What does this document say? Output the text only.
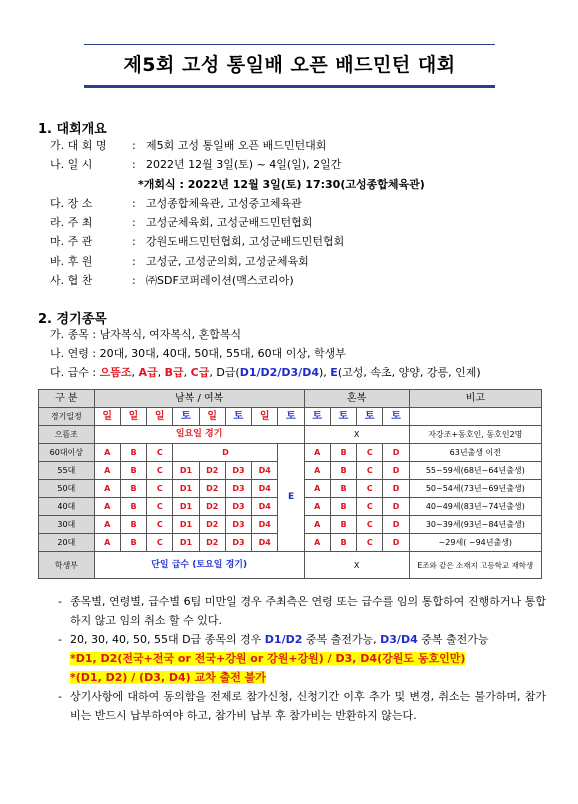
제5회 고성 통일배 오픈 배드민턴 대회
1. 대회개요
가. 대 회 명	: 제5회 고성 통일배 오픈 배드민턴대회
나. 일 시	: 2022년 12월 3일(토) ~ 4일(일), 2일간
*개회식 : 2022년 12월 3일(토) 17:30(고성종합체육관)
다. 장 소	: 고성종합체육관, 고성중고체육관
라. 주 최	: 고성군체육회, 고성군배드민턴협회
마. 주 관	: 강원도배드민턴협회, 고성군배드민턴협회
바. 후 원	: 고성군, 고성군의회, 고성군체육회
사. 협 찬	: ㈜SDF코퍼레이션(맥스코리아)
2. 경기종목
가. 종목 : 남자복식, 여자복식, 혼합복식
나. 연령 : 20대, 30대, 40대, 50대, 55대, 60대 이상, 학생부
다. 급수 : 으뜸조, A급, B급, C급, D급(D1/D2/D3/D4), E(고성, 속초, 양양, 강릉, 인제)
구 분	남복 / 여복								혼복				비고
경기일정	일	일	일	토	일	토	일	토	토	토	토	토	
으뜸조	일요일 경기								X				자강조+동호인, 동호인2명
60대이상	A	B	C	D				E	A	B	C	D	63년출생 이전
55대	A	B	C	D1	D2	D3	D4		A	B	C	D	55~59세(68년~64년출생)
50대	A	B	C	D1	D2	D3	D4		A	B	C	D	50~54세(73년~69년출생)
40대	A	B	C	D1	D2	D3	D4		A	B	C	D	40~49세(83년~74년출생)
30대	A	B	C	D1	D2	D3	D4		A	B	C	D	30~39세(93년~84년출생)
20대	A	B	C	D1	D2	D3	D4		A	B	C	D	~29세( ~94년출생)
학생부	단일 급수 (토요일 경기)								X				E조와 같은 소재지 고등학교 재학생
- 종목별, 연령별, 급수별 6팀 미만일 경우 주최측은 연령 또는 급수를 임의 통합하여 진행하거나 통합하지 않고 임의 취소 할 수 있다.
- 20, 30, 40, 50, 55대 D급 종목의 경우 D1/D2 중복 출전가능, D3/D4 중복 출전가능
*D1, D2(전국+전국 or 전국+강원 or 강원+강원) / D3, D4(강원도 동호인만)
*(D1, D2) / (D3, D4) 교차 출전 불가
- 상기사항에 대하여 동의함을 전제로 참가신청, 신청기간 이후 추가 및 변경, 취소는 불가하며, 참가비는 반드시 납부하여야 하고, 참가비 납부 후 참가비는 반환하지 않는다.
